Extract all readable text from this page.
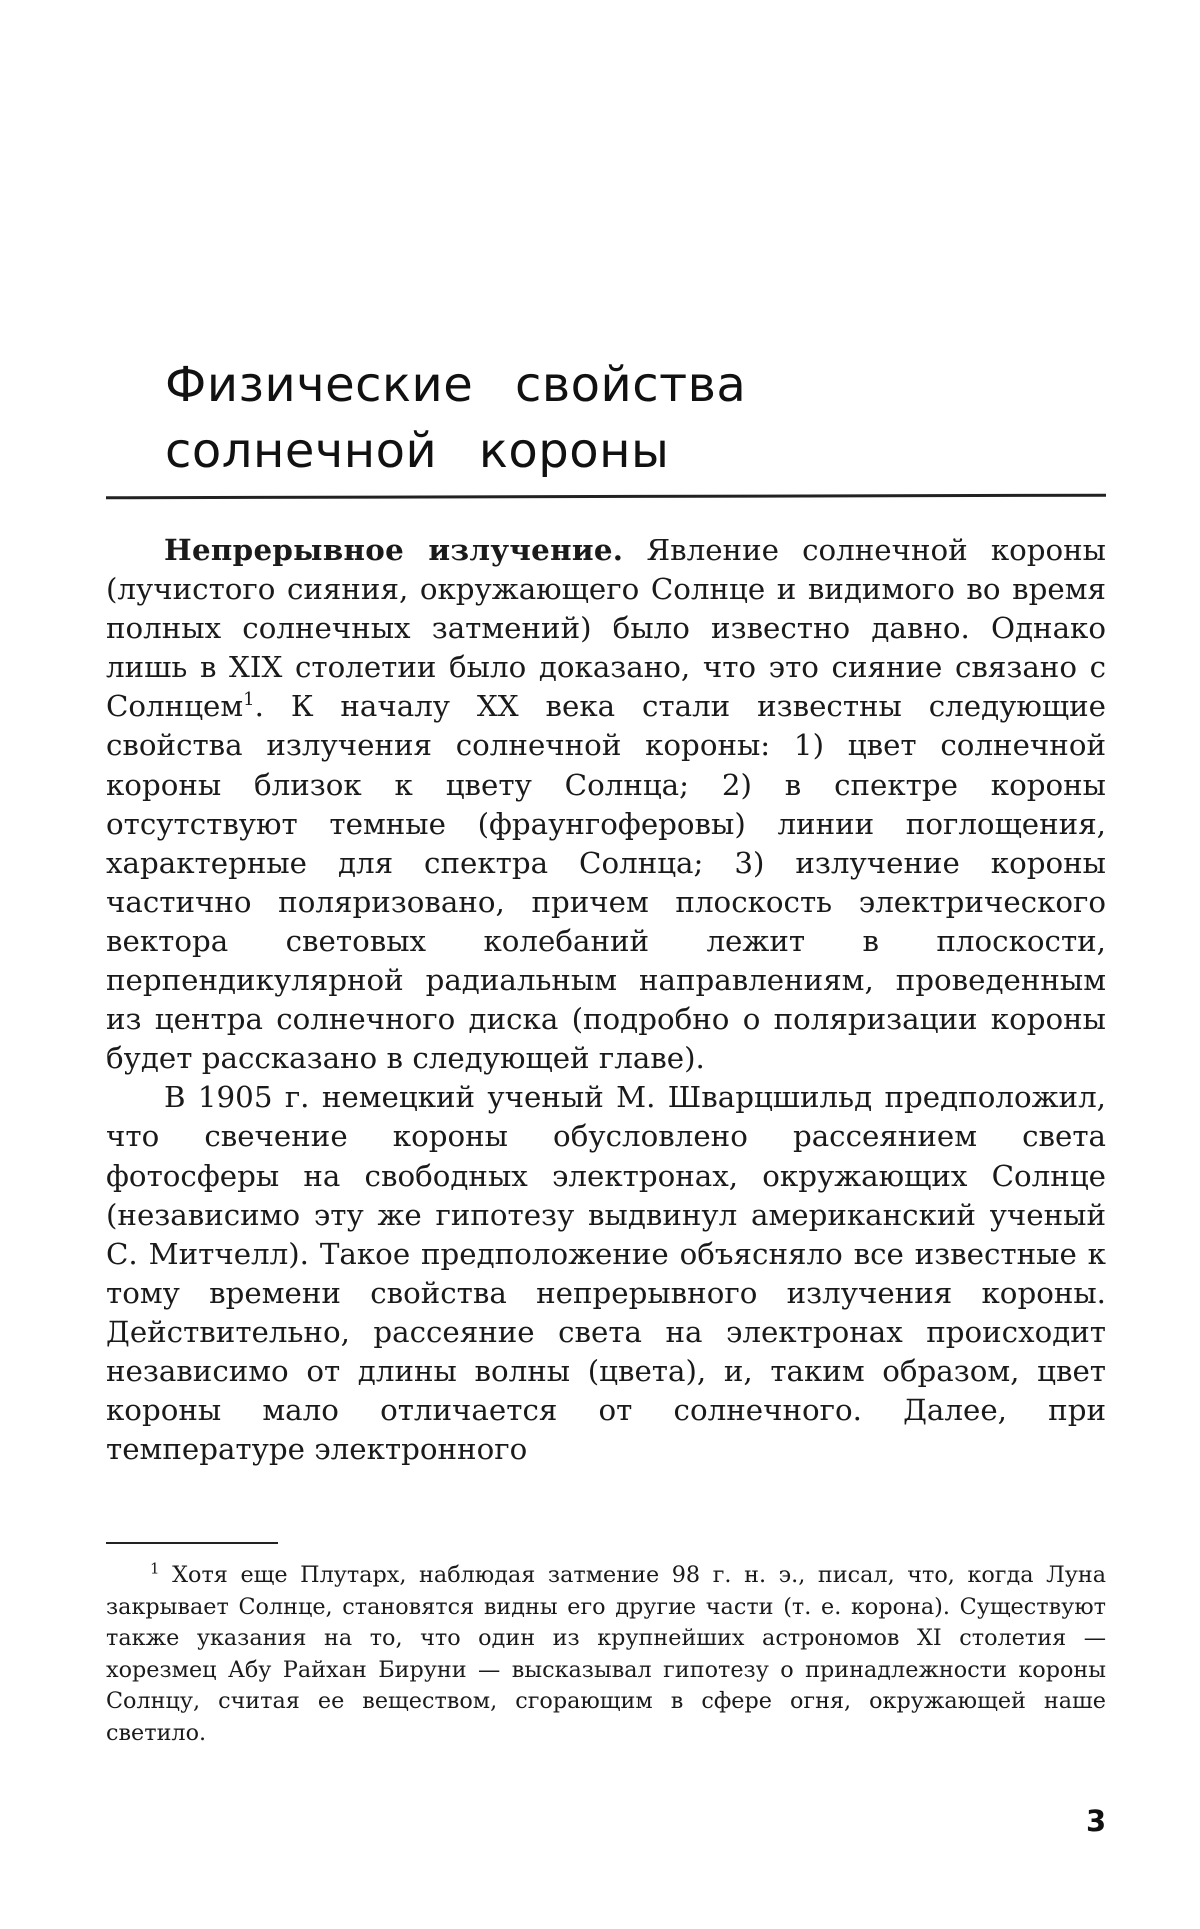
Физические свойства
солнечной короны

Непрерывное излучение. Явление солнечной короны (лучистого сияния, окружающего Солнце и видимого во время полных солнечных затмений) было известно давно. Однако лишь в XIX столетии было доказано, что это сияние связано с Солнцем$^1$. К началу XX века стали известны следующие свойства излучения солнечной короны: 1) цвет солнечной короны близок к цвету Солнца; 2) в спектре короны отсутствуют темные (фраунгоферовы) линии поглощения, характерные для спектра Солнца; 3) излучение короны частично поляризовано, причем плоскость электрического вектора световых колебаний лежит в плоскости, перпендикулярной радиальным направлениям, проведенным из центра солнечного диска (подробно о поляризации короны будет рассказано в следующей главе).

В 1905 г. немецкий ученый М. Шварцшильд предположил, что свечение короны обусловлено рассеянием света фотосферы на свободных электронах, окружающих Солнце (независимо эту же гипотезу выдвинул американский ученый С. Митчелл). Такое предположение объясняло все известные к тому времени свойства непрерывного излучения короны. Действительно, рассеяние света на электронах происходит независимо от длины волны (цвета), и, таким образом, цвет короны мало отличается от солнечного. Далее, при температуре электронного

$^1$ Хотя еще Плутарх, наблюдая затмение 98 г. н. э., писал, что, когда Луна закрывает Солнце, становятся видны его другие части (т. е. корона). Существуют также указания на то, что один из крупнейших астрономов XI столетия — хорезмец Абу Райхан Бируни — высказывал гипотезу о принадлежности короны Солнцу, считая ее веществом, сгорающим в сфере огня, окружающей наше светило.

3
